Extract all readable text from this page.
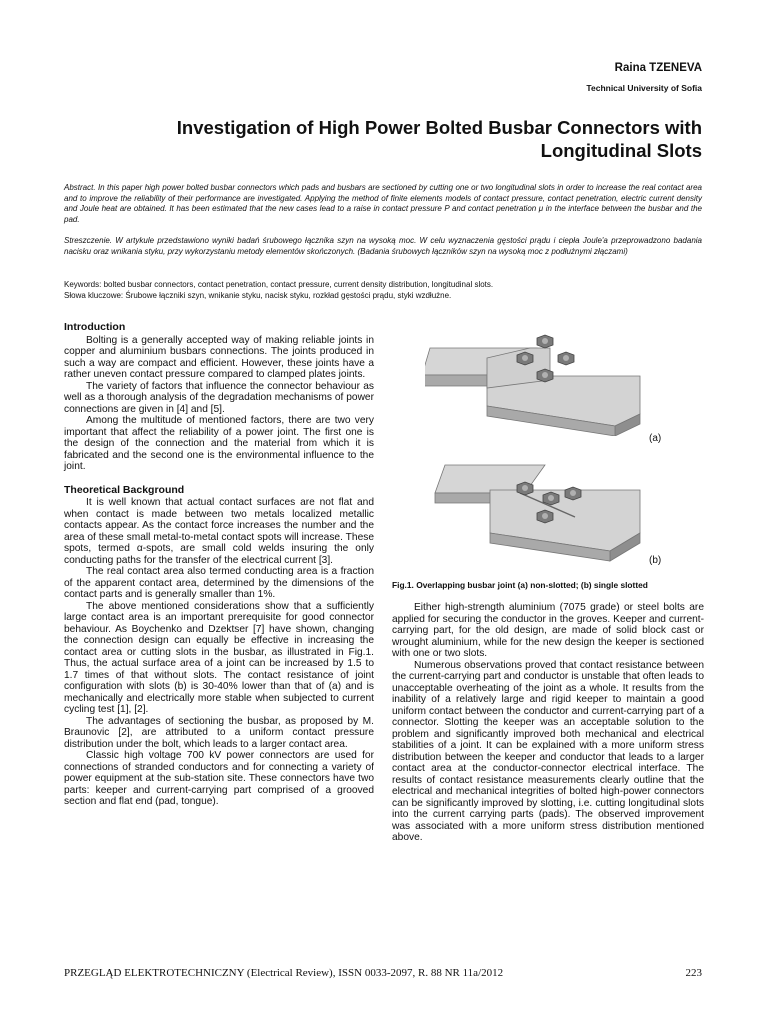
Raina TZENEVA
Technical University of Sofia
Investigation of High Power Bolted Busbar Connectors with
Longitudinal Slots

Abstract. In this paper high power bolted busbar connectors which pads and busbars are sectioned by cutting one or two longitudinal slots in order to increase the real contact area and to improve the reliability of their performance are investigated. Applying the method of finite elements models of contact pressure, contact penetration, electric current density and Joule heat are obtained. It has been estimated that the new cases lead to a raise in contact pressure P and contact penetration μ in the interface between the busbar and the pad.

Streszczenie. W artykule przedstawiono wyniki badań śrubowego łącznika szyn na wysoką moc. W celu wyznaczenia gęstości prądu i ciepła Joule'a przeprowadzono badania nacisku oraz wnikania styku, przy wykorzystaniu metody elementów skończonych. (Badania śrubowych łączników szyn na wysoką moc z podłużnymi złączami)

Keywords: bolted busbar connectors, contact penetration, contact pressure, current density distribution, longitudinal slots.
Słowa kluczowe: Śrubowe łączniki szyn, wnikanie styku, nacisk styku, rozkład gęstości prądu, styki wzdłużne.
Introduction

Bolting is a generally accepted way of making reliable joints in copper and aluminium busbars connections. The joints produced in such a way are compact and efficient. However, these joints have a rather uneven contact pressure compared to clamped plates joints.

The variety of factors that influence the connector behaviour as well as a thorough analysis of the degradation mechanisms of power connections are given in [4] and [5].

Among the multitude of mentioned factors, there are two very important that affect the reliability of a power joint. The first one is the design of the connection and the material from which it is fabricated and the second one is the environmental influence to the joint.

Theoretical Background

It is well known that actual contact surfaces are not flat and when contact is made between two metals localized metallic contacts appear. As the contact force increases the number and the area of these small metal-to-metal contact spots will increase. These spots, termed α-spots, are small cold welds insuring the only conducting paths for the transfer of the electrical current [3].

The real contact area also termed conducting area is a fraction of the apparent contact area, determined by the dimensions of the contact parts and is generally smaller than 1%.

The above mentioned considerations show that a sufficiently large contact area is an important prerequisite for good connector behaviour. As Boychenko and Dzektser [7] have shown, changing the connection design can equally be effective in increasing the contact area or cutting slots in the busbar, as illustrated in Fig.1. Thus, the actual surface area of a joint can be increased by 1.5 to 1.7 times of that without slots. The contact resistance of joint configuration with slots (b) is 30-40% lower than that of (a) and is mechanically and electrically more stable when subjected to current cycling test [1], [2].

The advantages of sectioning the busbar, as proposed by M. Braunovic [2], are attributed to a uniform contact pressure distribution under the bolt, which leads to a larger contact area.

Classic high voltage 700 kV power connectors are used for connections of stranded conductors and for connecting a variety of power equipment at the sub-station site. These connectors have two parts: keeper and current-carrying part comprised of a grooved section and flat end (pad, tongue).

(a)
(b)
Fig.1. Overlapping busbar joint (a) non-slotted; (b) single slotted

Either high-strength aluminium (7075 grade) or steel bolts are applied for securing the conductor in the groves. Keeper and current-carrying part, for the old design, are made of solid block cast or wrought aluminium, while for the new design the keeper is sectioned with one or two slots.

Numerous observations proved that contact resistance between the current-carrying part and conductor is unstable that often leads to unacceptable overheating of the joint as a whole. It results from the inability of a relatively large and rigid keeper to maintain a good uniform contact between the conductor and current-carrying part of a connector. Slotting the keeper was an acceptable solution to the problem and significantly improved both mechanical and electrical stabilities of a joint. It can be explained with a more uniform stress distribution between the keeper and conductor that leads to a larger contact area at the conductor-connector electrical interface. The results of contact resistance measurements clearly outline that the electrical and mechanical integrities of bolted high-power connectors can be significantly improved by slotting, i.e. cutting longitudinal slots into the current carrying parts (pads). The observed improvement was associated with a more uniform stress distribution mentioned above.

PRZEGLĄD ELEKTROTECHNICZNY (Electrical Review), ISSN 0033-2097, R. 88 NR 11a/2012	223
